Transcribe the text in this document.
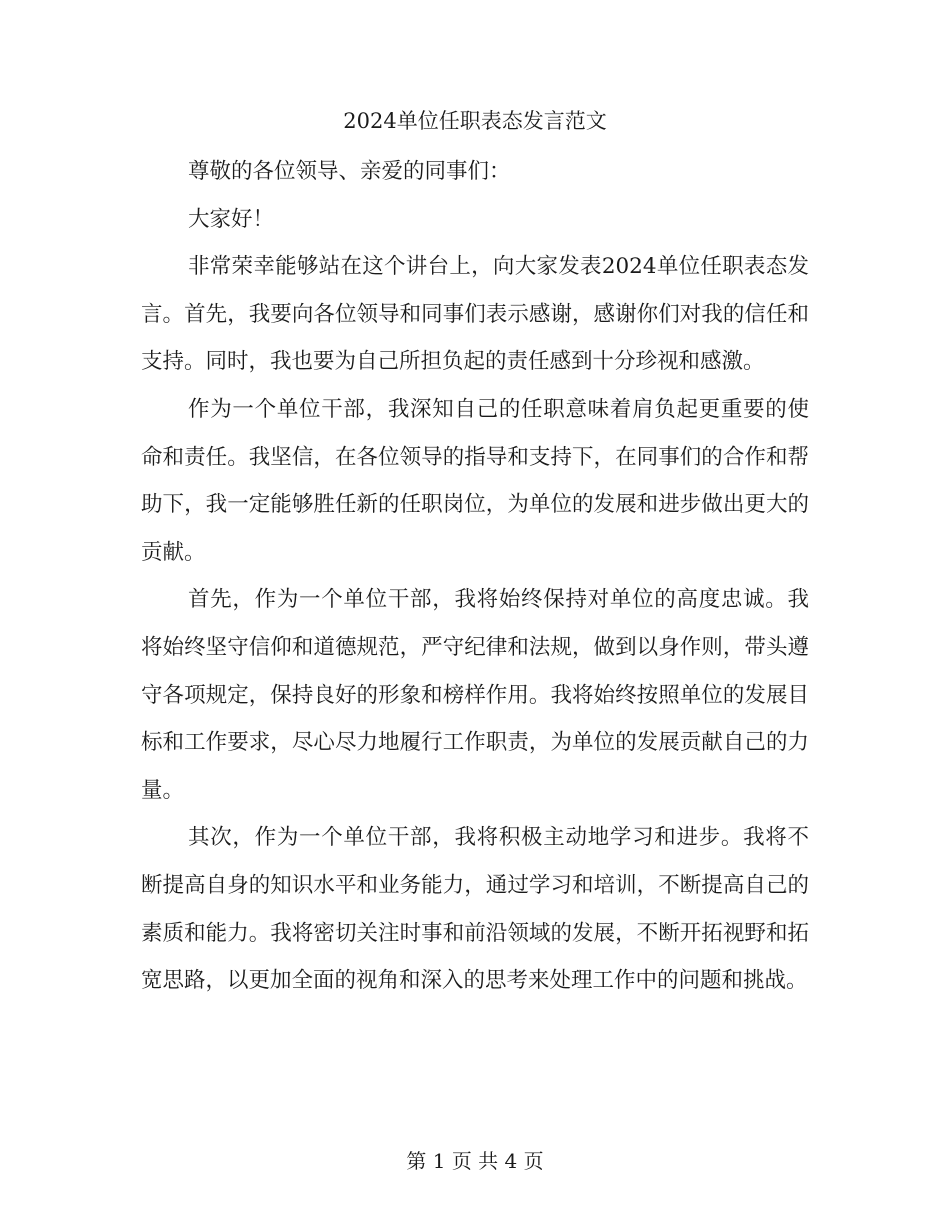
2024单位任职表态发言范文

尊敬的各位领导、亲爱的同事们：

大家好！

非常荣幸能够站在这个讲台上，向大家发表2024单位任职表态发言。首先，我要向各位领导和同事们表示感谢，感谢你们对我的信任和支持。同时，我也要为自己所担负起的责任感到十分珍视和感激。

作为一个单位干部，我深知自己的任职意味着肩负起更重要的使命和责任。我坚信，在各位领导的指导和支持下，在同事们的合作和帮助下，我一定能够胜任新的任职岗位，为单位的发展和进步做出更大的贡献。

首先，作为一个单位干部，我将始终保持对单位的高度忠诚。我将始终坚守信仰和道德规范，严守纪律和法规，做到以身作则，带头遵守各项规定，保持良好的形象和榜样作用。我将始终按照单位的发展目标和工作要求，尽心尽力地履行工作职责，为单位的发展贡献自己的力量。

其次，作为一个单位干部，我将积极主动地学习和进步。我将不断提高自身的知识水平和业务能力，通过学习和培训，不断提高自己的素质和能力。我将密切关注时事和前沿领域的发展，不断开拓视野和拓宽思路，以更加全面的视角和深入的思考来处理工作中的问题和挑战。

第 1 页 共 4 页
